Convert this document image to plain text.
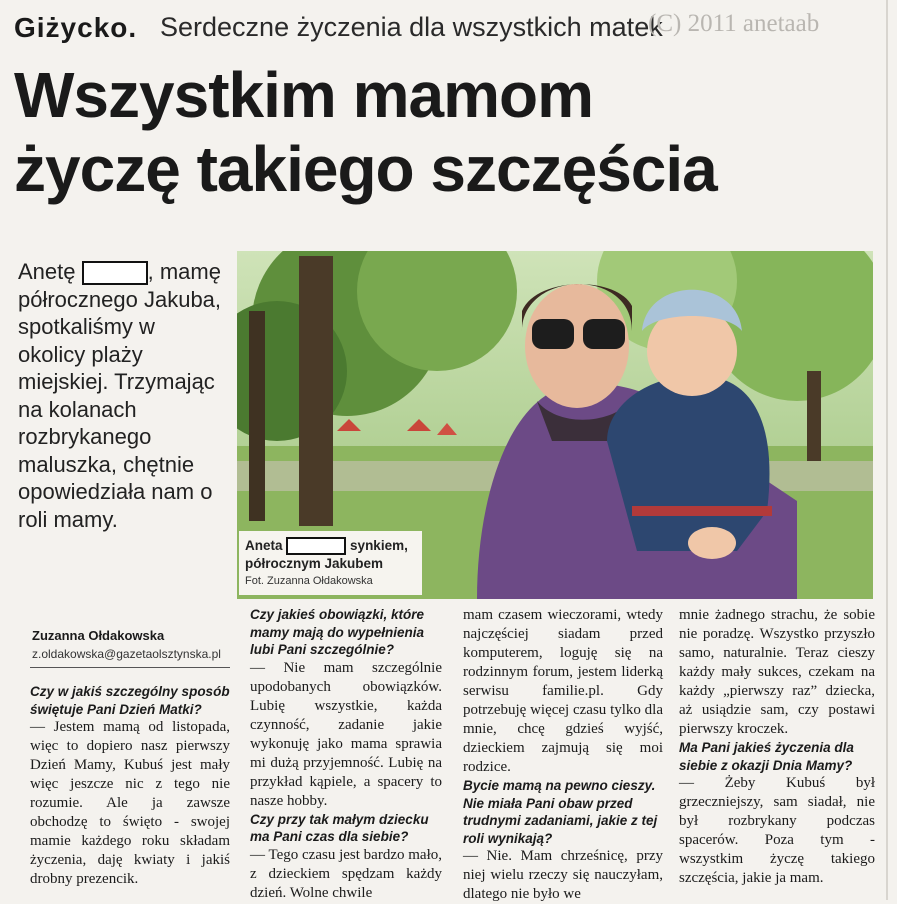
Giżycko. Serdeczne życzenia dla wszystkich matek
(C) 2011 anetaab
Wszystkim mamom
życzę takiego szczęścia
Anetę	, mamę półrocznego Jakuba, spotkaliśmy w okolicy plaży miejskiej. Trzymając na kolanach rozbrykanego maluszka, chętnie opowiedziała nam o roli mamy.
Aneta	synkiem,
półrocznym Jakubem
Fot. Zuzanna Ołdakowska
Zuzanna Ołdakowska
z.oldakowska@gazetaolsztynska.pl

Czy w jakiś szczególny sposób świętuje Pani Dzień Matki?

— Jestem mamą od listopada, więc to dopiero nasz pierwszy Dzień Mamy, Kubuś jest mały więc jeszcze nic z tego nie rozumie. Ale ja zawsze obchodzę to święto - swojej mamie każdego roku składam życzenia, daję kwiaty i jakiś drobny prezencik.

Czy jakieś obowiązki, które mamy mają do wypełnienia lubi Pani szczególnie?

— Nie mam szczególnie upodobanych obowiązków. Lubię wszystkie, każda czynność, zadanie jakie wykonuję jako mama sprawia mi dużą przyjemność. Lubię na przykład kąpiele, a spacery to nasze hobby.

Czy przy tak małym dziecku ma Pani czas dla siebie?

— Tego czasu jest bardzo mało, z dzieckiem spędzam każdy dzień. Wolne chwile

mam czasem wieczorami, wtedy najczęściej siadam przed komputerem, loguję się na rodzinnym forum, jestem liderką serwisu familie.pl. Gdy potrzebuję więcej czasu tylko dla mnie, chcę gdzieś wyjść, dzieckiem zajmują się moi rodzice.

Bycie mamą na pewno cieszy. Nie miała Pani obaw przed trudnymi zadaniami, jakie z tej roli wynikają?

— Nie. Mam chrześnicę, przy niej wielu rzeczy się nauczyłam, dlatego nie było we

mnie żadnego strachu, że sobie nie poradzę. Wszystko przyszło samo, naturalnie. Teraz cieszy każdy mały sukces, czekam na każdy „pierwszy raz” dziecka, aż usiądzie sam, czy postawi pierwszy kroczek.

Ma Pani jakieś życzenia dla siebie z okazji Dnia Mamy?

— Żeby Kubuś był grzeczniejszy, sam siadał, nie był rozbrykany podczas spacerów. Poza tym - wszystkim życzę takiego szczęścia, jakie ja mam.
